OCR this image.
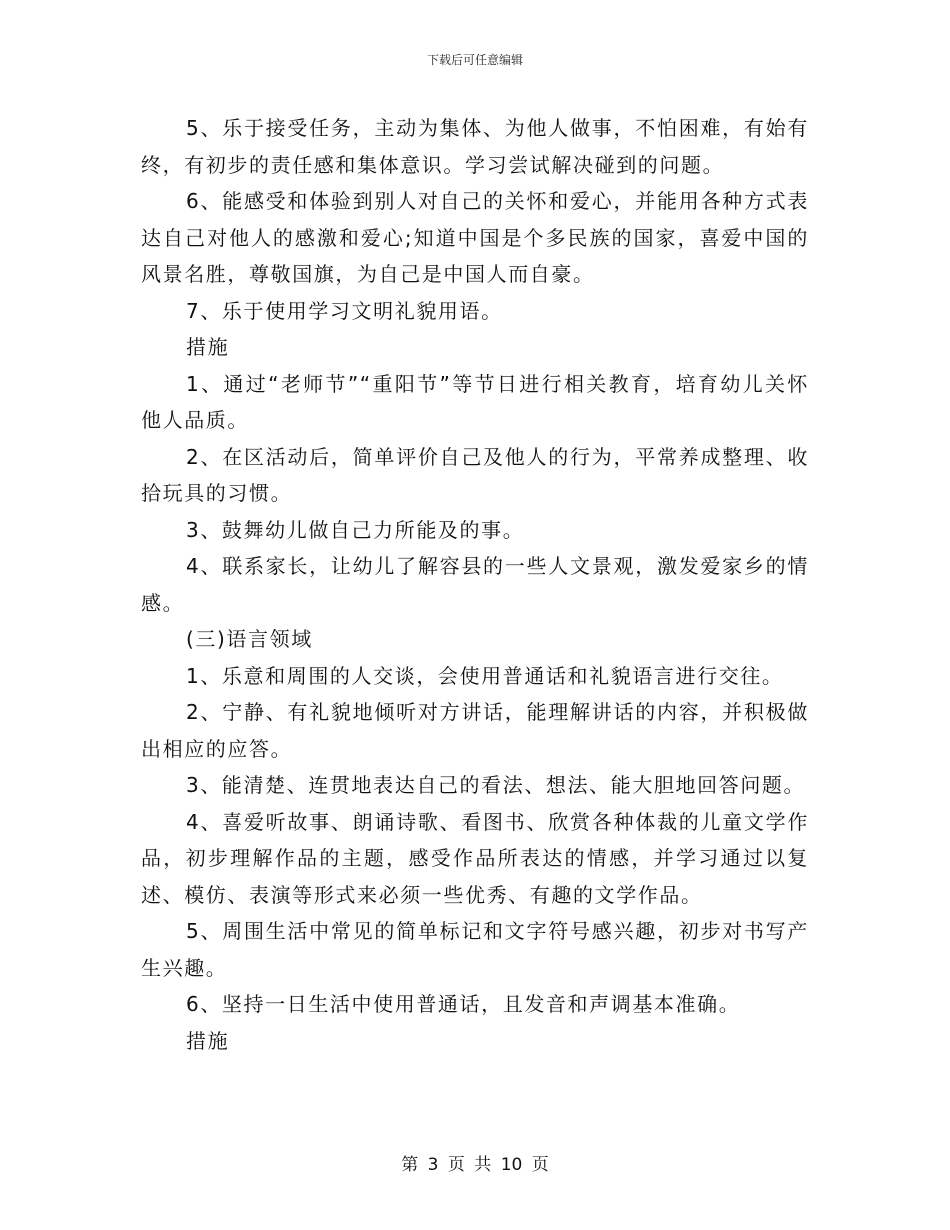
下载后可任意编辑

5、乐于接受任务，主动为集体、为他人做事，不怕困难，有始有终，有初步的责任感和集体意识。学习尝试解决碰到的问题。

6、能感受和体验到别人对自己的关怀和爱心，并能用各种方式表达自己对他人的感激和爱心;知道中国是个多民族的国家，喜爱中国的风景名胜，尊敬国旗，为自己是中国人而自豪。

7、乐于使用学习文明礼貌用语。

措施

1、通过“老师节”“重阳节”等节日进行相关教育，培育幼儿关怀他人品质。

2、在区活动后，简单评价自己及他人的行为，平常养成整理、收拾玩具的习惯。

3、鼓舞幼儿做自己力所能及的事。

4、联系家长，让幼儿了解容县的一些人文景观，激发爱家乡的情感。

(三)语言领域

1、乐意和周围的人交谈，会使用普通话和礼貌语言进行交往。

2、宁静、有礼貌地倾听对方讲话，能理解讲话的内容，并积极做出相应的应答。

3、能清楚、连贯地表达自己的看法、想法、能大胆地回答问题。

4、喜爱听故事、朗诵诗歌、看图书、欣赏各种体裁的儿童文学作品，初步理解作品的主题，感受作品所表达的情感，并学习通过以复述、模仿、表演等形式来必须一些优秀、有趣的文学作品。

5、周围生活中常见的简单标记和文字符号感兴趣，初步对书写产生兴趣。

6、坚持一日生活中使用普通话，且发音和声调基本准确。

措施

第 3 页 共 10 页
